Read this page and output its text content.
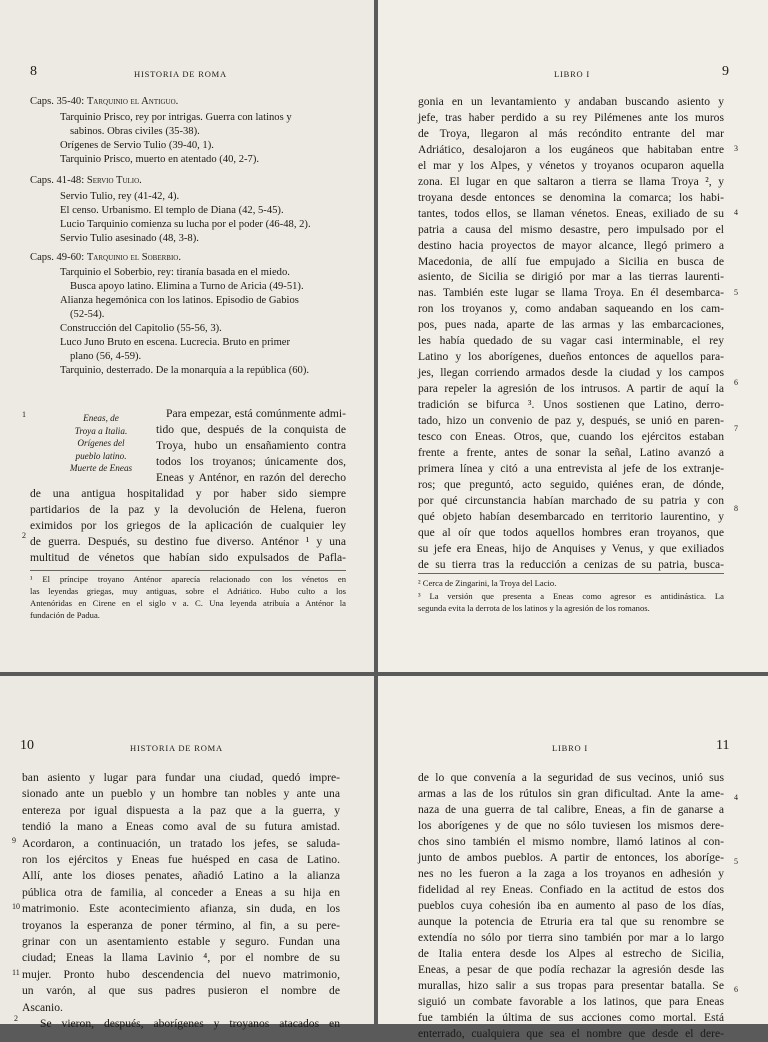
8	HISTORIA DE ROMA
Caps. 35-40: Tarquinio el Antiguo.
Tarquinio Prisco, rey por intrigas. Guerra con latinos y
sabinos. Obras civiles (35-38).
Orígenes de Servio Tulio (39-40, 1).
Tarquinio Prisco, muerto en atentado (40, 2-7).
Caps. 41-48: Servio Tulio.
Servio Tulio, rey (41-42, 4).
El censo. Urbanismo. El templo de Diana (42, 5-45).
Lucio Tarquinio comienza su lucha por el poder (46-48, 2).
Servio Tulio asesinado (48, 3-8).
Caps. 49-60: Tarquinio el Soberbio.
Tarquinio el Soberbio, rey: tiranía basada en el miedo.
Busca apoyo latino. Elimina a Turno de Aricia (49-51).
Alianza hegemónica con los latinos. Episodio de Gabios
(52-54).
Construcción del Capitolio (55-56, 3).
Luco Juno Bruto en escena. Lucrecia. Bruto en primer
plano (56, 4-59).
Tarquinio, desterrado. De la monarquía a la república (60).
Eneas, de
Troya a Italia.
Orígenes del
pueblo latino.
Muerte de Eneas
1
2
Para empezar, está comúnmente admi-
tido que, después de la conquista de
Troya, hubo un ensañamiento contra
todos los troyanos; únicamente dos,
Eneas y Anténor, en razón del derecho
de una antigua hospitalidad y por haber sido siempre
partidarios de la paz y la devolución de Helena, fueron
eximidos por los griegos de la aplicación de cualquier ley
de guerra. Después, su destino fue diverso. Anténor ¹ y una
multitud de vénetos que habían sido expulsados de Pafla-
¹ El príncipe troyano Anténor aparecía relacionado con los vénetos en
las leyendas griegas, muy antiguas, sobre el Adriático. Hubo culto a los
Antenóridas en Cirene en el siglo v a. C. Una leyenda atribuía a Anténor la
fundación de Padua.
LIBRO I	9
gonia en un levantamiento y andaban buscando asiento y
jefe, tras haber perdido a su rey Pilémenes ante los muros
de Troya, llegaron al más recóndito entrante del mar
Adriático, desalojaron a los eugáneos que habitaban entre
el mar y los Alpes, y vénetos y troyanos ocuparon aquella
zona. El lugar en que saltaron a tierra se llama Troya ², y
troyana desde entonces se denomina la comarca; los habi-
tantes, todos ellos, se llaman vénetos. Eneas, exiliado de su
patria a causa del mismo desastre, pero impulsado por el
destino hacia proyectos de mayor alcance, llegó primero a
Macedonia, de allí fue empujado a Sicilia en busca de
asiento, de Sicilia se dirigió por mar a las tierras laurenti-
nas. También este lugar se llama Troya. En él desembarca-
ron los troyanos y, como andaban saqueando en los cam-
pos, pues nada, aparte de las armas y las embarcaciones,
les había quedado de su vagar casi interminable, el rey
Latino y los aborígenes, dueños entonces de aquellos para-
jes, llegan corriendo armados desde la ciudad y los campos
para repeler la agresión de los intrusos. A partir de aquí la
tradición se bifurca ³. Unos sostienen que Latino, derro-
tado, hizo un convenio de paz y, después, se unió en paren-
tesco con Eneas. Otros, que, cuando los ejércitos estaban
frente a frente, antes de sonar la señal, Latino avanzó a
primera línea y citó a una entrevista al jefe de los extranje-
ros; que preguntó, acto seguido, quiénes eran, de dónde,
por qué circunstancia habían marchado de su patria y con
qué objeto habían desembarcado en territorio laurentino, y
que al oír que todos aquellos hombres eran troyanos, que
su jefe era Eneas, hijo de Anquises y Venus, y que exiliados
de su tierra tras la reducción a cenizas de su patria, busca-
3
4
5
6
7
8
² Cerca de Zingarini, la Troya del Lacio.
³ La versión que presenta a Eneas como agresor es antidinástica. La
segunda evita la derrota de los latinos y la agresión de los romanos.
10	HISTORIA DE ROMA
ban asiento y lugar para fundar una ciudad, quedó impre-
sionado ante un pueblo y un hombre tan nobles y ante una
entereza por igual dispuesta a la paz que a la guerra, y
tendió la mano a Eneas como aval de su futura amistad.
Acordaron, a continuación, un tratado los jefes, se saluda-
ron los ejércitos y Eneas fue huésped en casa de Latino.
Allí, ante los dioses penates, añadió Latino a la alianza
pública otra de familia, al conceder a Eneas a su hija en
matrimonio. Este acontecimiento afianza, sin duda, en los
troyanos la esperanza de poner término, al fin, a su pere-
grinar con un asentamiento estable y seguro. Fundan una
ciudad; Eneas la llama Lavinio ⁴, por el nombre de su
mujer. Pronto hubo descendencia del nuevo matrimonio,
un varón, al que sus padres pusieron el nombre de
Ascanio.
Se vieron, después, aborígenes y troyanos atacados en
9
10
11
2
LIBRO I	11
de lo que convenía a la seguridad de sus vecinos, unió sus
armas a las de los rútulos sin gran dificultad. Ante la ame-
naza de una guerra de tal calibre, Eneas, a fin de ganarse a
los aborígenes y de que no sólo tuviesen los mismos dere-
chos sino también el mismo nombre, llamó latinos al con-
junto de ambos pueblos. A partir de entonces, los aboríge-
nes no les fueron a la zaga a los troyanos en adhesión y
fidelidad al rey Eneas. Confiado en la actitud de estos dos
pueblos cuya cohesión iba en aumento al paso de los días,
aunque la potencia de Etruria era tal que su renombre se
extendía no sólo por tierra sino también por mar a lo largo
de Italia entera desde los Alpes al estrecho de Sicilia,
Eneas, a pesar de que podía rechazar la agresión desde las
murallas, hizo salir a sus tropas para presentar batalla. Se
siguió un combate favorable a los latinos, que para Eneas
fue también la última de sus acciones como mortal. Está
enterrado, cualquiera que sea el nombre que desde el dere-
4
5
6
